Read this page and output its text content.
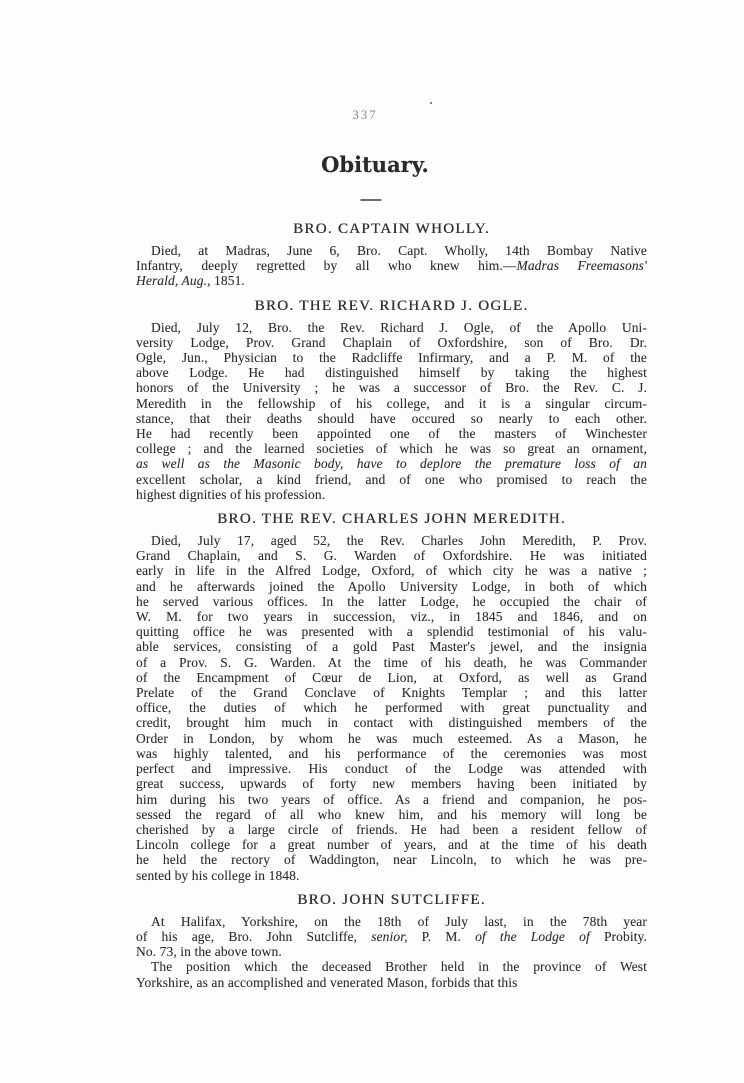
337
Obituary.
BRO. CAPTAIN WHOLLY.
Died, at Madras, June 6, Bro. Capt. Wholly, 14th Bombay Native
Infantry, deeply regretted by all who knew him.—Madras Freemasons'
Herald, Aug., 1851.
BRO. THE REV. RICHARD J. OGLE.
Died, July 12, Bro. the Rev. Richard J. Ogle, of the Apollo Uni-
versity Lodge, Prov. Grand Chaplain of Oxfordshire, son of Bro. Dr.
Ogle, Jun., Physician to the Radcliffe Infirmary, and a P. M. of the
above Lodge. He had distinguished himself by taking the highest
honors of the University ; he was a successor of Bro. the Rev. C. J.
Meredith in the fellowship of his college, and it is a singular circum-
stance, that their deaths should have occured so nearly to each other.
He had recently been appointed one of the masters of Winchester
college ; and the learned societies of which he was so great an ornament,
as well as the Masonic body, have to deplore the premature loss of an
excellent scholar, a kind friend, and of one who promised to reach the
highest dignities of his profession.
BRO. THE REV. CHARLES JOHN MEREDITH.
Died, July 17, aged 52, the Rev. Charles John Meredith, P. Prov.
Grand Chaplain, and S. G. Warden of Oxfordshire. He was initiated
early in life in the Alfred Lodge, Oxford, of which city he was a native ;
and he afterwards joined the Apollo University Lodge, in both of which
he served various offices. In the latter Lodge, he occupied the chair of
W. M. for two years in succession, viz., in 1845 and 1846, and on
quitting office he was presented with a splendid testimonial of his valu-
able services, consisting of a gold Past Master's jewel, and the insignia
of a Prov. S. G. Warden. At the time of his death, he was Commander
of the Encampment of Cœur de Lion, at Oxford, as well as Grand
Prelate of the Grand Conclave of Knights Templar ; and this latter
office, the duties of which he performed with great punctuality and
credit, brought him much in contact with distinguished members of the
Order in London, by whom he was much esteemed. As a Mason, he
was highly talented, and his performance of the ceremonies was most
perfect and impressive. His conduct of the Lodge was attended with
great success, upwards of forty new members having been initiated by
him during his two years of office. As a friend and companion, he pos-
sessed the regard of all who knew him, and his memory will long be
cherished by a large circle of friends. He had been a resident fellow of
Lincoln college for a great number of years, and at the time of his death
he held the rectory of Waddington, near Lincoln, to which he was pre-
sented by his college in 1848.
BRO. JOHN SUTCLIFFE.
At Halifax, Yorkshire, on the 18th of July last, in the 78th year
of his age, Bro. John Sutcliffe, senior, P. M. of the Lodge of Probity.
No. 73, in the above town.
The position which the deceased Brother held in the province of West
Yorkshire, as an accomplished and venerated Mason, forbids that this
